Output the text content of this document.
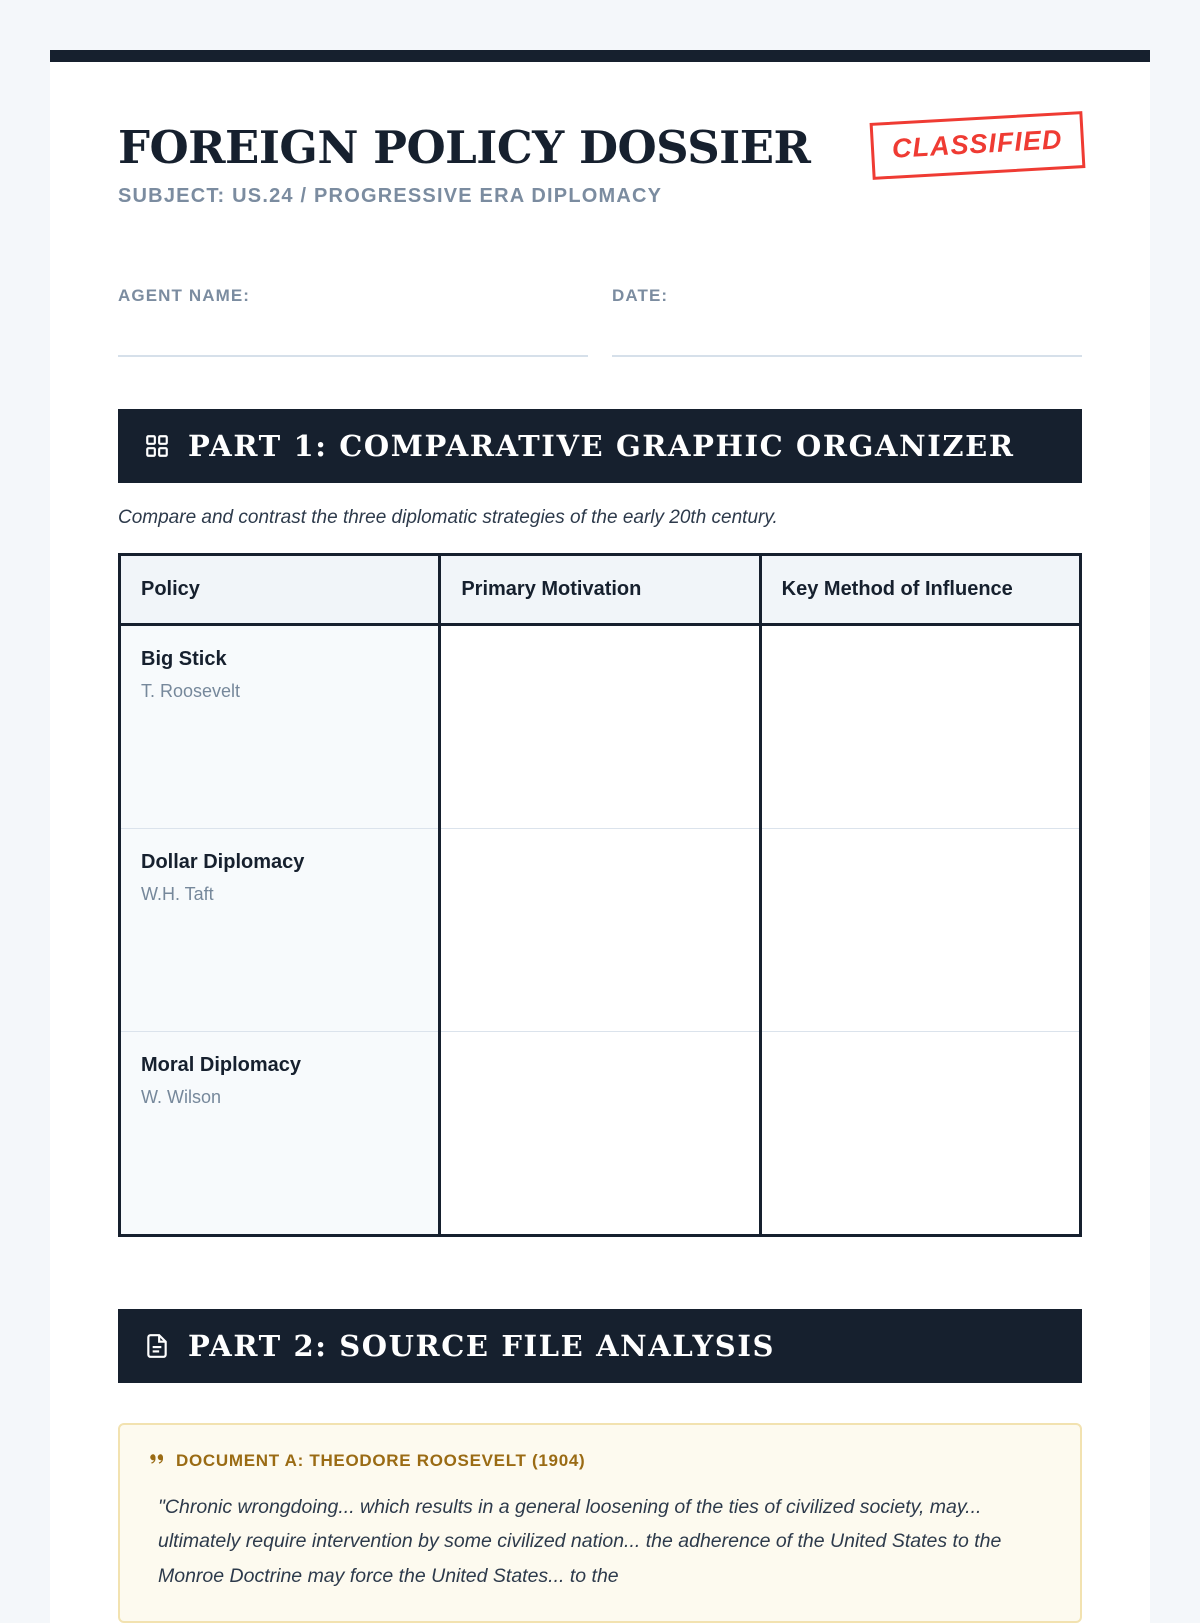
FOREIGN POLICY DOSSIER
SUBJECT: US.24 / PROGRESSIVE ERA DIPLOMACY
CLASSIFIED
AGENT NAME:	DATE:
PART 1: COMPARATIVE GRAPHIC ORGANIZER
Compare and contrast the three diplomatic strategies of the early 20th century.
Policy	Primary Motivation	Key Method of Influence

Big Stick
T. Roosevelt		

Dollar Diplomacy
W.H. Taft		

Moral Diplomacy
W. Wilson		

PART 2: SOURCE FILE ANALYSIS
DOCUMENT A: THEODORE ROOSEVELT (1904)
"Chronic wrongdoing... which results in a general loosening of the ties of civilized society, may... ultimately require intervention by some civilized nation... the adherence of the United States to the Monroe Doctrine may force the United States... to the
